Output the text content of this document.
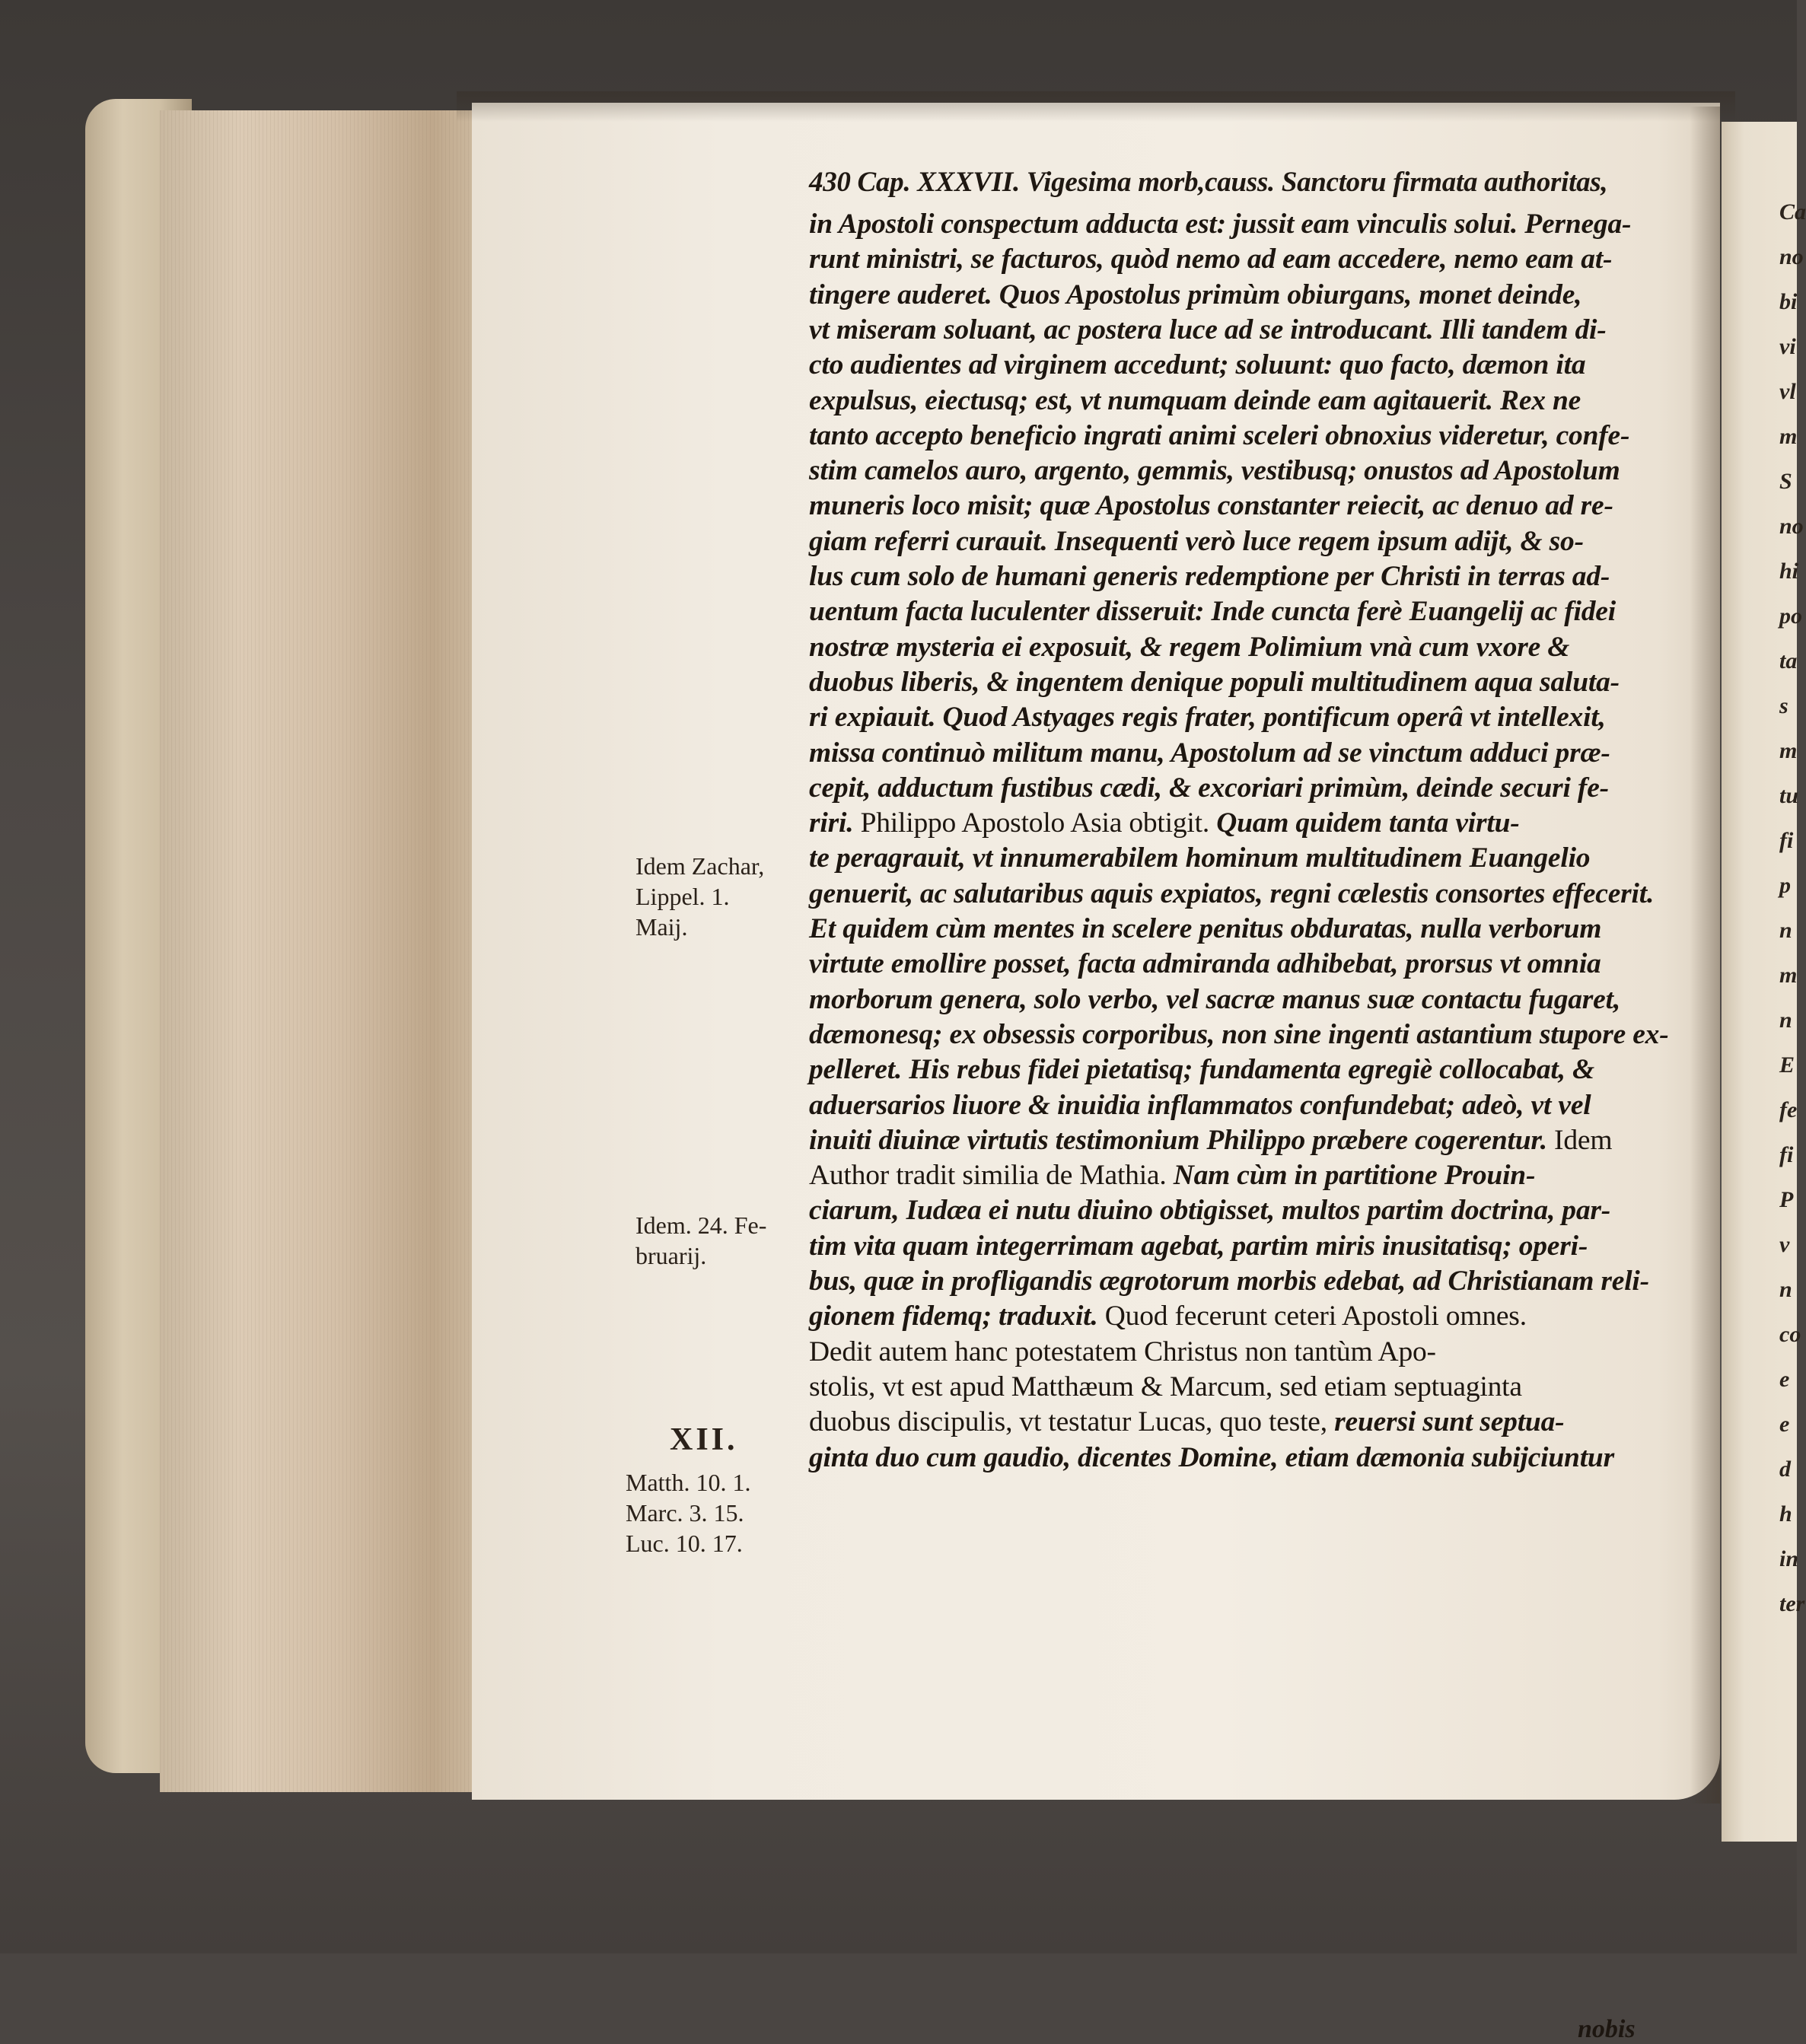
430 Cap. XXXVII. Vigesima morb,causs. Sanctoru firmata authoritas,
in Apostoli conspectum adducta est: jussit eam vinculis solui. Pernega-
runt ministri, se facturos, quòd nemo ad eam accedere, nemo eam at-
tingere auderet. Quos Apostolus primùm obiurgans, monet deinde,
vt miseram soluant, ac postera luce ad se introducant. Illi tandem di-
cto audientes ad virginem accedunt; soluunt: quo facto, dæmon ita
expulsus, eiectusq; est, vt numquam deinde eam agitauerit. Rex ne
tanto accepto beneficio ingrati animi sceleri obnoxius videretur, confe-
stim camelos auro, argento, gemmis, vestibusq; onustos ad Apostolum
muneris loco misit; quæ Apostolus constanter reiecit, ac denuo ad re-
giam referri curauit. Insequenti verò luce regem ipsum adijt, & so-
lus cum solo de humani generis redemptione per Christi in terras ad-
uentum facta luculenter disseruit: Inde cuncta ferè Euangelij ac fidei
nostræ mysteria ei exposuit, & regem Polimium vnà cum vxore &
duobus liberis, & ingentem denique populi multitudinem aqua saluta-
ri expiauit. Quod Astyages regis frater, pontificum operâ vt intellexit,
missa continuò militum manu, Apostolum ad se vinctum adduci præ-
cepit, adductum fustibus cædi, & excoriari primùm, deinde securi fe-
riri. Philippo Apostolo Asia obtigit. Quam quidem tanta virtu-
te peragrauit, vt innumerabilem hominum multitudinem Euangelio
genuerit, ac salutaribus aquis expiatos, regni cælestis consortes effecerit.
Et quidem cùm mentes in scelere penitus obduratas, nulla verborum
virtute emollire posset, facta admiranda adhibebat, prorsus vt omnia
morborum genera, solo verbo, vel sacræ manus suæ contactu fugaret,
dæmonesq; ex obsessis corporibus, non sine ingenti astantium stupore ex-
pelleret. His rebus fidei pietatisq; fundamenta egregiè collocabat, &
aduersarios liuore & inuidia inflammatos confundebat; adeò, vt vel
inuiti diuinæ virtutis testimonium Philippo præbere cogerentur. Idem
Author tradit similia de Mathia. Nam cùm in partitione Prouin-
ciarum, Iudæa ei nutu diuino obtigisset, multos partim doctrina, par-
tim vita quam integerrimam agebat, partim miris inusitatisq; operi-
bus, quæ in profligandis ægrotorum morbis edebat, ad Christianam reli-
gionem fidemq; traduxit. Quod fecerunt ceteri Apostoli omnes.
Dedit autem hanc potestatem Christus non tantùm Apo-
stolis, vt est apud Matthæum & Marcum, sed etiam septuaginta
duobus discipulis, vt testatur Lucas, quo teste, reuersi sunt septua-
ginta duo cum gaudio, dicentes Domine, etiam dæmonia subijciuntur
nobis
Idem Zachar,
Lippel. 1.
Maij.
Idem. 24. Fe-
bruarij.
XII.
Matth. 10. 1.
Marc. 3. 15.
Luc. 10. 17.
Ca
no
bi
vi
vl
m
S
no
hi
po
ta
s
m
tu
fi
p
n
m
n
E
fe
fi
P
v
n
co
e
e
d
h
in
ter
